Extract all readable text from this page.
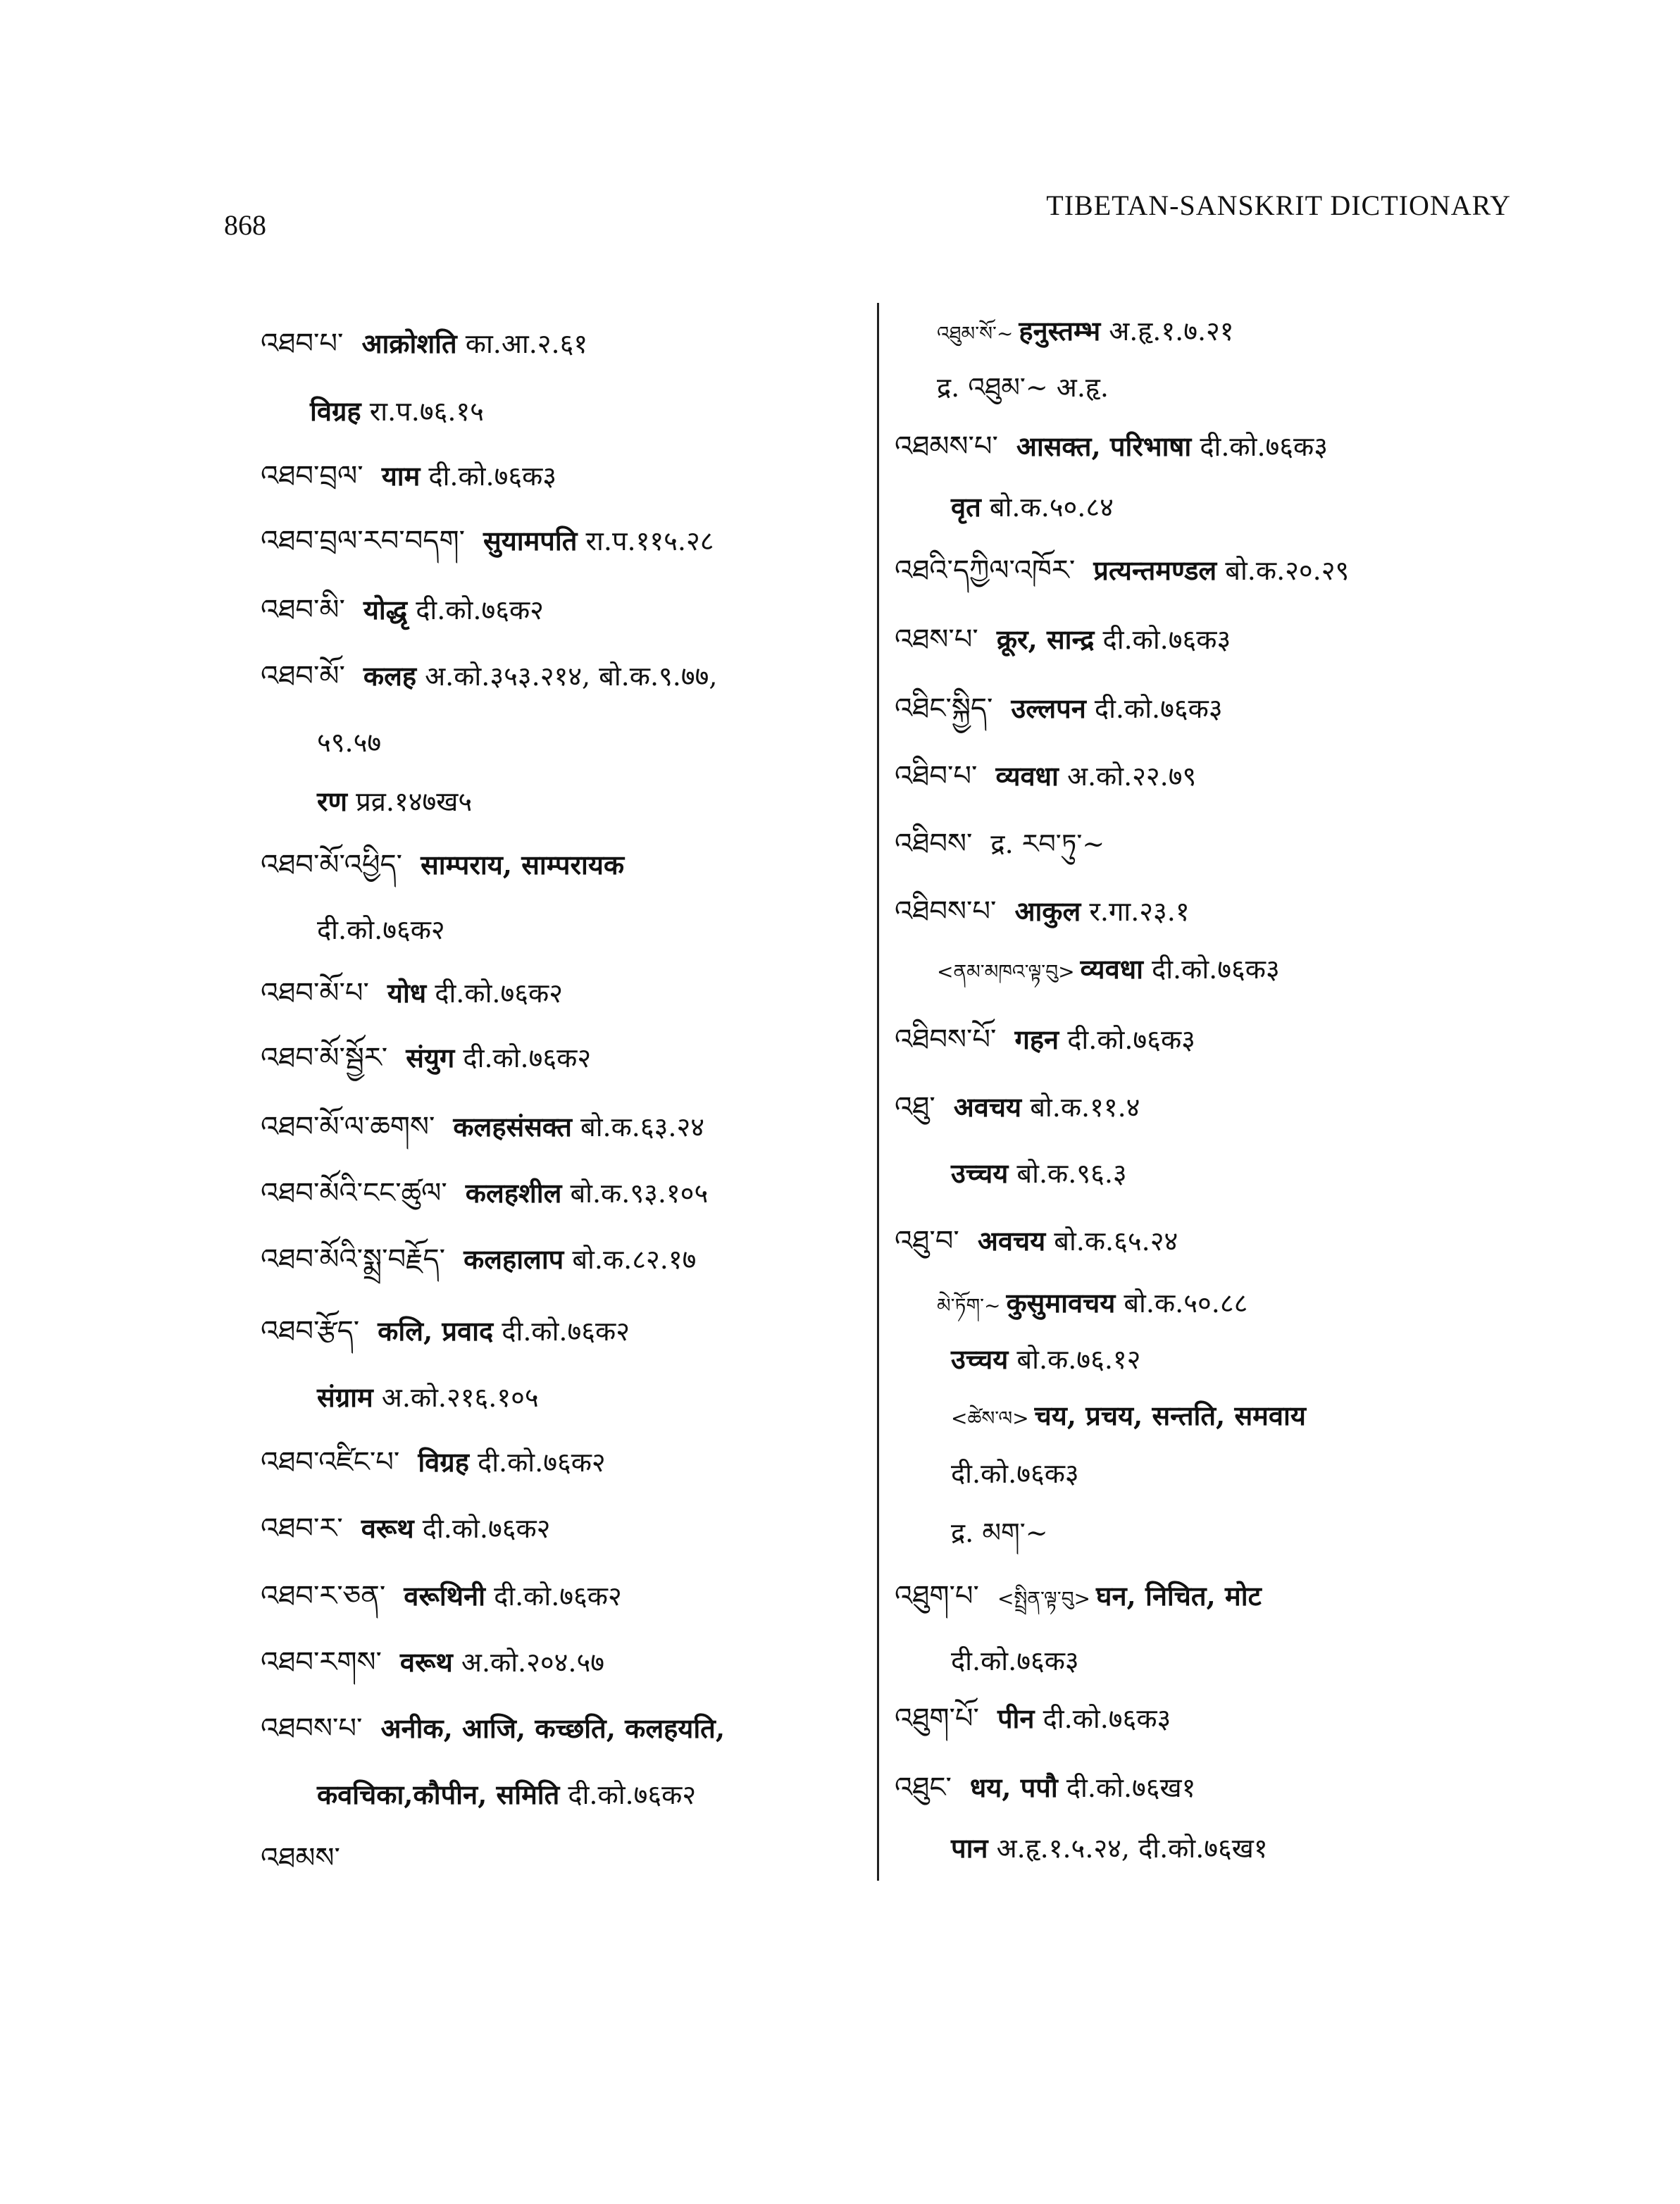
868
TIBETAN-SANSKRIT DICTIONARY
འཐབ་པ་ आक्रोशति का.आ.२.६१
विग्रह रा.प.७६.१५
འཐབ་བྲལ་ याम दी.को.७६क३
འཐབ་བྲལ་རབ་བདག་ सुयामपति रा.प.११५.२८
འཐབ་མི་ योद्धृ दी.को.७६क२
འཐབ་མོ་ कलह अ.को.३५३.२१४, बो.क.९.७७,
५९.५७
रण प्रव्र.१४७ख५
འཐབ་མོ་འཕྱིད་ साम्पराय, साम्परायक
दी.को.७६क२
འཐབ་མོ་པ་ योध दी.को.७६क२
འཐབ་མོ་སྦྱོར་ संयुग दी.को.७६क२
འཐབ་མོ་ལ་ཆགས་ कलहसंसक्त बो.क.६३.२४
འཐབ་མོའི་ངང་ཚུལ་ कलहशील बो.क.९३.१०५
འཐབ་མོའི་སྨྲ་བརྗོད་ कलहालाप बो.क.८२.१७
འཐབ་རྩོད་ कलि, प्रवाद दी.को.७६क२
संग्राम अ.को.२१६.१०५
འཐབ་འཛིང་པ་ विग्रह दी.को.७६क२
འཐབ་ར་ वरूथ दी.को.७६क२
འཐབ་ར་ཅན་ वरूथिनी दी.को.७६क२
འཐབ་རགས་ वरूथ अ.को.२०४.५७
འཐབས་པ་ अनीक, आजि, कच्छति, कलहयति,
कवचिका,कौपीन, समिति दी.को.७६क२
འཐམས་
འཐུམ་སོ་~ हनुस्तम्भ अ.हृ.१.७.२१
द्र. འཐུམ་~ अ.हृ.
འཐམས་པ་ आसक्त, परिभाषा दी.को.७६क३
वृत बो.क.५०.८४
འཐའི་དཀྱིལ་འཁོར་ प्रत्यन्तमण्डल बो.क.२०.२९
འཐས་པ་ क्रूर, सान्द्र दी.को.७६क३
འཐིང་སྐྱིད་ उल्लपन दी.को.७६क३
འཐིབ་པ་ व्यवधा अ.को.२२.७९
འཐིབས་ द्र. རབ་ཏུ་~
འཐིབས་པ་ आकुल र.गा.२३.१
<ནམ་མཁའ་ལྟ་བུ> व्यवधा दी.को.७६क३
འཐིབས་པོ་ गहन दी.को.७६क३
འཐུ་ अवचय बो.क.११.४
उच्चय बो.क.९६.३
འཐུ་བ་ अवचय बो.क.६५.२४
མེ་ཏོག་~ कुसुमावचय बो.क.५०.८८
उच्चय बो.क.७६.१२
<ཚེས་ལ> चय, प्रचय, सन्तति, समवाय
दी.को.७६क३
द्र. མག་~
འཐུག་པ་ <སྤྲིན་ལྟ་བུ> घन, निचित, मोट
दी.को.७६क३
འཐུག་པོ་ पीन दी.को.७६क३
འཐུང་ धय, पपौ दी.को.७६ख१
पान अ.हृ.१.५.२४, दी.को.७६ख१
